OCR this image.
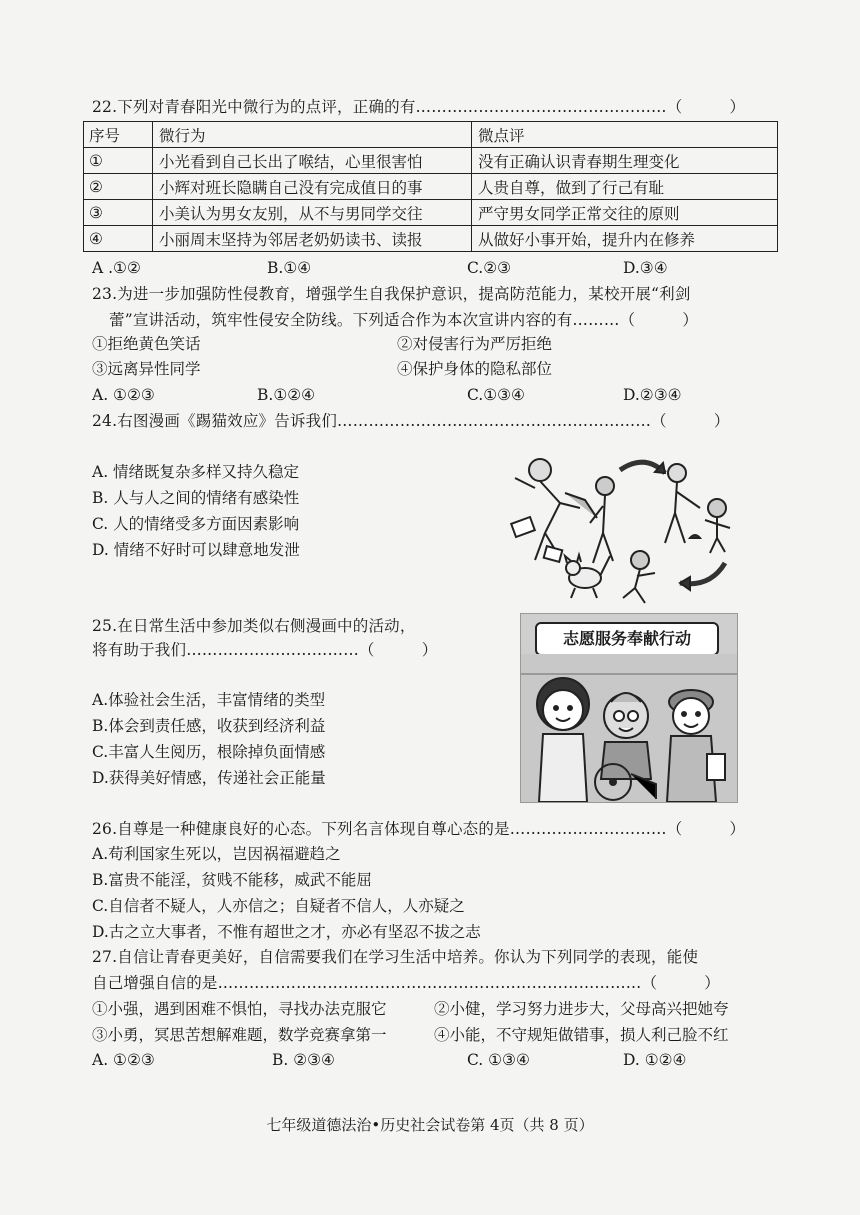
22.下列对青春阳光中微行为的点评，正确的有…………………………………………（　　　）
序号	微行为	微点评
①	小光看到自己长出了喉结，心里很害怕	没有正确认识青春期生理变化
②	小辉对班长隐瞒自己没有完成值日的事	人贵自尊，做到了行己有耻
③	小美认为男女友别，从不与男同学交往	严守男女同学正常交往的原则
④	小丽周末坚持为邻居老奶奶读书、读报	从做好小事开始，提升内在修养
A .①②	B.①④	C.②③	D.③④
23.为进一步加强防性侵教育，增强学生自我保护意识，提高防范能力，某校开展“利剑
蕾”宣讲活动，筑牢性侵安全防线。下列适合作为本次宣讲内容的有………（　　　）
①拒绝黄色笑话	②对侵害行为严厉拒绝
③远离异性同学	④保护身体的隐私部位
A. ①②③	B.①②④	C.①③④	D.②③④
24.右图漫画《踢猫效应》告诉我们……………………………………………………（　　　）
A. 情绪既复杂多样又持久稳定
B. 人与人之间的情绪有感染性
C. 人的情绪受多方面因素影响
D. 情绪不好时可以肆意地发泄
25.在日常生活中参加类似右侧漫画中的活动，
将有助于我们……………………………（　　　）
A.体验社会生活，丰富情绪的类型
B.体会到责任感，收获到经济利益
C.丰富人生阅历，根除掉负面情感
D.获得美好情感，传递社会正能量
志愿服务奉献行动
26.自尊是一种健康良好的心态。下列名言体现自尊心态的是…………………………（　　　）
A.苟利国家生死以，岂因祸福避趋之
B.富贵不能淫，贫贱不能移，威武不能屈
C.自信者不疑人，人亦信之；自疑者不信人，人亦疑之
D.古之立大事者，不惟有超世之才，亦必有坚忍不拔之志
27.自信让青春更美好，自信需要我们在学习生活中培养。你认为下列同学的表现，能使
自己增强自信的是………………………………………………………………………（　　　）
①小强，遇到困难不惧怕，寻找办法克服它	②小健，学习努力进步大，父母高兴把她夸
③小勇，冥思苦想解难题，数学竞赛拿第一	④小能，不守规矩做错事，损人利己脸不红
A. ①②③	B. ②③④	C. ①③④	D. ①②④
七年级道德法治•历史社会试卷第 4页（共 8 页）
